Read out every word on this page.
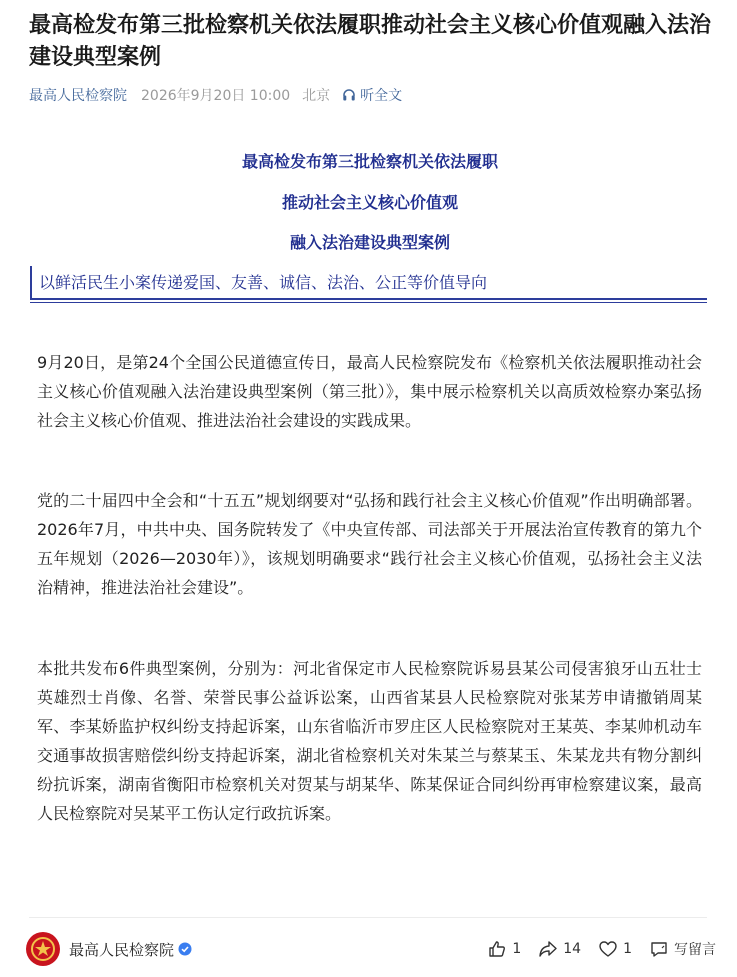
最高检发布第三批检察机关依法履职推动社会主义核心价值观融入法治建设典型案例
最高人民检察院 2026年9月20日 10:00 北京 听全文
最高检发布第三批检察机关依法履职
推动社会主义核心价值观
融入法治建设典型案例
以鲜活民生小案传递爱国、友善、诚信、法治、公正等价值导向

9月20日，是第24个全国公民道德宣传日，最高人民检察院发布《检察机关依法履职推动社会主义核心价值观融入法治建设典型案例（第三批）》，集中展示检察机关以高质效检察办案弘扬社会主义核心价值观、推进法治社会建设的实践成果。

党的二十届四中全会和“十五五”规划纲要对“弘扬和践行社会主义核心价值观”作出明确部署。2026年7月，中共中央、国务院转发了《中央宣传部、司法部关于开展法治宣传教育的第九个五年规划（2026—2030年）》，该规划明确要求“践行社会主义核心价值观，弘扬社会主义法治精神，推进法治社会建设”。

本批共发布6件典型案例，分别为：河北省保定市人民检察院诉易县某公司侵害狼牙山五壮士英雄烈士肖像、名誉、荣誉民事公益诉讼案，山西省某县人民检察院对张某芳申请撤销周某军、李某娇监护权纠纷支持起诉案，山东省临沂市罗庄区人民检察院对王某英、李某帅机动车交通事故损害赔偿纠纷支持起诉案，湖北省检察机关对朱某兰与蔡某玉、朱某龙共有物分割纠纷抗诉案，湖南省衡阳市检察机关对贺某与胡某华、陈某保证合同纠纷再审检察建议案，最高人民检察院对吴某平工伤认定行政抗诉案。

最高人民检察院	1	14	1	写留言
